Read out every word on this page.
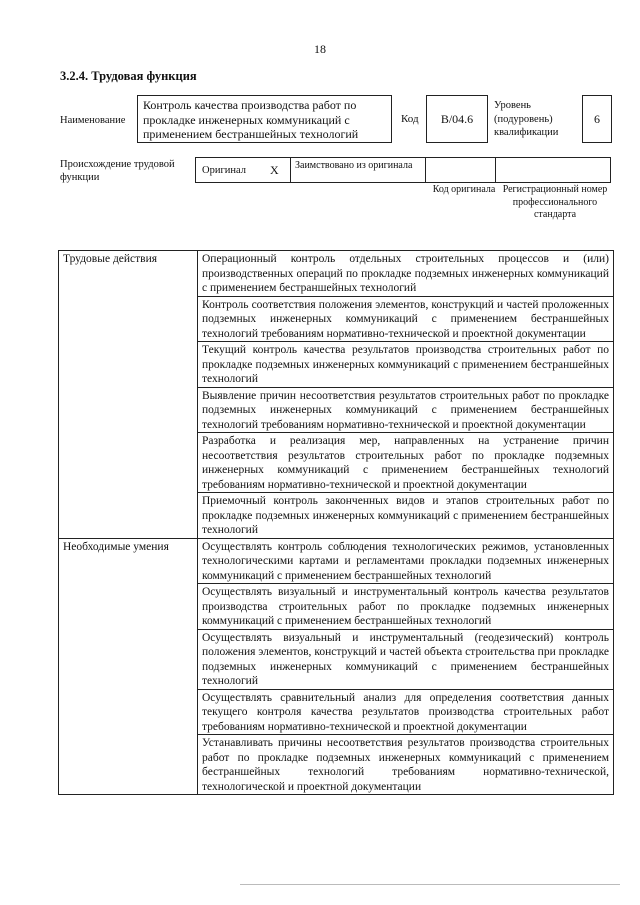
18
3.2.4. Трудовая функция
Наименование
Контроль качества производства работ по прокладке инженерных коммуникаций с применением бестраншейных технологий
Код	B/04.6
Уровень (подуровень) квалификации
6
Происхождение трудовой функции
Оригинал X	Заимствовано из оригинала
Код оригинала Регистрационный номер профессионального стандарта
Трудовые действия	Операционный контроль отдельных строительных процессов и (или) производственных операций по прокладке подземных инженерных коммуникаций с применением бестраншейных технологий
	Контроль соответствия положения элементов, конструкций и частей проложенных подземных инженерных коммуникаций с применением бестраншейных технологий требованиям нормативно-технической и проектной документации
	Текущий контроль качества результатов производства строительных работ по прокладке подземных инженерных коммуникаций с применением бестраншейных технологий
	Выявление причин несоответствия результатов строительных работ по прокладке подземных инженерных коммуникаций с применением бестраншейных технологий требованиям нормативно-технической и проектной документации
	Разработка и реализация мер, направленных на устранение причин несоответствия результатов строительных работ по прокладке подземных инженерных коммуникаций с применением бестраншейных технологий требованиям нормативно-технической и проектной документации
	Приемочный контроль законченных видов и этапов строительных работ по прокладке подземных инженерных коммуникаций с применением бестраншейных технологий
Необходимые умения	Осуществлять контроль соблюдения технологических режимов, установленных технологическими картами и регламентами прокладки подземных инженерных коммуникаций с применением бестраншейных технологий
	Осуществлять визуальный и инструментальный контроль качества результатов производства строительных работ по прокладке подземных инженерных коммуникаций с применением бестраншейных технологий
	Осуществлять визуальный и инструментальный (геодезический) контроль положения элементов, конструкций и частей объекта строительства при прокладке подземных инженерных коммуникаций с применением бестраншейных технологий
	Осуществлять сравнительный анализ для определения соответствия данных текущего контроля качества результатов производства строительных работ требованиям нормативно-технической и проектной документации
	Устанавливать причины несоответствия результатов производства строительных работ по прокладке подземных инженерных коммуникаций с применением бестраншейных технологий требованиям нормативно-технической, технологической и проектной документации
